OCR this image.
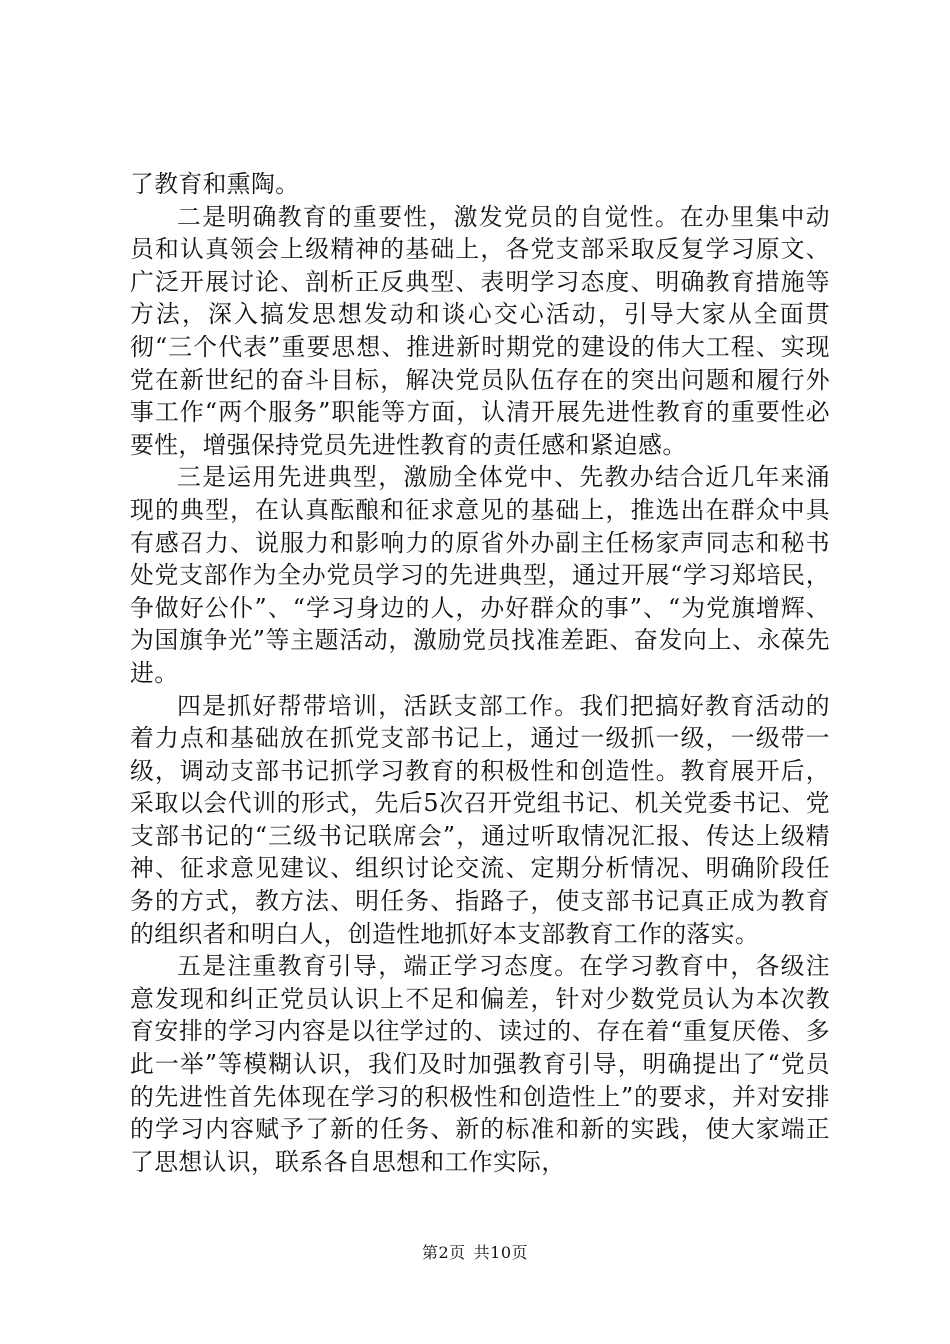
了教育和熏陶。

二是明确教育的重要性，激发党员的自觉性。在办里集中动员和认真领会上级精神的基础上，各党支部采取反复学习原文、广泛开展讨论、剖析正反典型、表明学习态度、明确教育措施等方法，深入搞发思想发动和谈心交心活动，引导大家从全面贯彻“三个代表”重要思想、推进新时期党的建设的伟大工程、实现党在新世纪的奋斗目标，解决党员队伍存在的突出问题和履行外事工作“两个服务”职能等方面，认清开展先进性教育的重要性必要性，增强保持党员先进性教育的责任感和紧迫感。

三是运用先进典型，激励全体党中、先教办结合近几年来涌现的典型，在认真酝酿和征求意见的基础上，推选出在群众中具有感召力、说服力和影响力的原省外办副主任杨家声同志和秘书处党支部作为全办党员学习的先进典型，通过开展“学习郑培民，争做好公仆”、“学习身边的人，办好群众的事”、“为党旗增辉、为国旗争光”等主题活动，激励党员找准差距、奋发向上、永葆先进。

四是抓好帮带培训，活跃支部工作。我们把搞好教育活动的着力点和基础放在抓党支部书记上，通过一级抓一级，一级带一级，调动支部书记抓学习教育的积极性和创造性。教育展开后，采取以会代训的形式，先后5次召开党组书记、机关党委书记、党支部书记的“三级书记联席会”，通过听取情况汇报、传达上级精神、征求意见建议、组织讨论交流、定期分析情况、明确阶段任务的方式，教方法、明任务、指路子，使支部书记真正成为教育的组织者和明白人，创造性地抓好本支部教育工作的落实。

五是注重教育引导，端正学习态度。在学习教育中，各级注意发现和纠正党员认识上不足和偏差，针对少数党员认为本次教育安排的学习内容是以往学过的、读过的、存在着“重复厌倦、多此一举”等模糊认识，我们及时加强教育引导，明确提出了“党员的先进性首先体现在学习的积极性和创造性上”的要求，并对安排的学习内容赋予了新的任务、新的标准和新的实践，使大家端正了思想认识，联系各自思想和工作实际，

第2页 共10页
